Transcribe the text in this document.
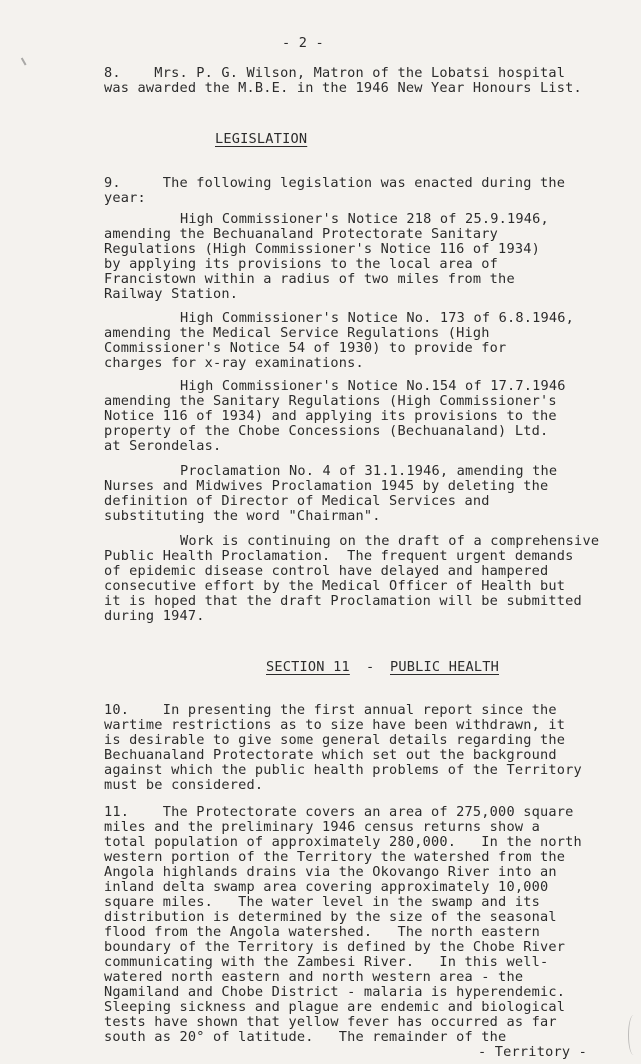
- 2 -
8.    Mrs. P. G. Wilson, Matron of the Lobatsi hospital
was awarded the M.B.E. in the 1946 New Year Honours List.
LEGISLATION
9.     The following legislation was enacted during the
year:
High Commissioner's Notice 218 of 25.9.1946,
amending the Bechuanaland Protectorate Sanitary
Regulations (High Commissioner's Notice 116 of 1934)
by applying its provisions to the local area of
Francistown within a radius of two miles from the
Railway Station.
High Commissioner's Notice No. 173 of 6.8.1946,
amending the Medical Service Regulations (High
Commissioner's Notice 54 of 1930) to provide for
charges for x-ray examinations.
High Commissioner's Notice No.154 of 17.7.1946
amending the Sanitary Regulations (High Commissioner's
Notice 116 of 1934) and applying its provisions to the
property of the Chobe Concessions (Bechuanaland) Ltd.
at Serondelas.
Proclamation No. 4 of 31.1.1946, amending the
Nurses and Midwives Proclamation 1945 by deleting the
definition of Director of Medical Services and
substituting the word "Chairman".
Work is continuing on the draft of a comprehensive
Public Health Proclamation.  The frequent urgent demands
of epidemic disease control have delayed and hampered
consecutive effort by the Medical Officer of Health but
it is hoped that the draft Proclamation will be submitted
during 1947.
SECTION 11 - PUBLIC HEALTH
10.    In presenting the first annual report since the
wartime restrictions as to size have been withdrawn, it
is desirable to give some general details regarding the
Bechuanaland Protectorate which set out the background
against which the public health problems of the Territory
must be considered.
11.    The Protectorate covers an area of 275,000 square
miles and the preliminary 1946 census returns show a
total population of approximately 280,000.   In the north
western portion of the Territory the watershed from the
Angola highlands drains via the Okovango River into an
inland delta swamp area covering approximately 10,000
square miles.   The water level in the swamp and its
distribution is determined by the size of the seasonal
flood from the Angola watershed.   The north eastern
boundary of the Territory is defined by the Chobe River
communicating with the Zambesi River.   In this well-
watered north eastern and north western area - the
Ngamiland and Chobe District - malaria is hyperendemic.
Sleeping sickness and plague are endemic and biological
tests have shown that yellow fever has occurred as far
south as 20° of latitude.   The remainder of the
- Territory -
